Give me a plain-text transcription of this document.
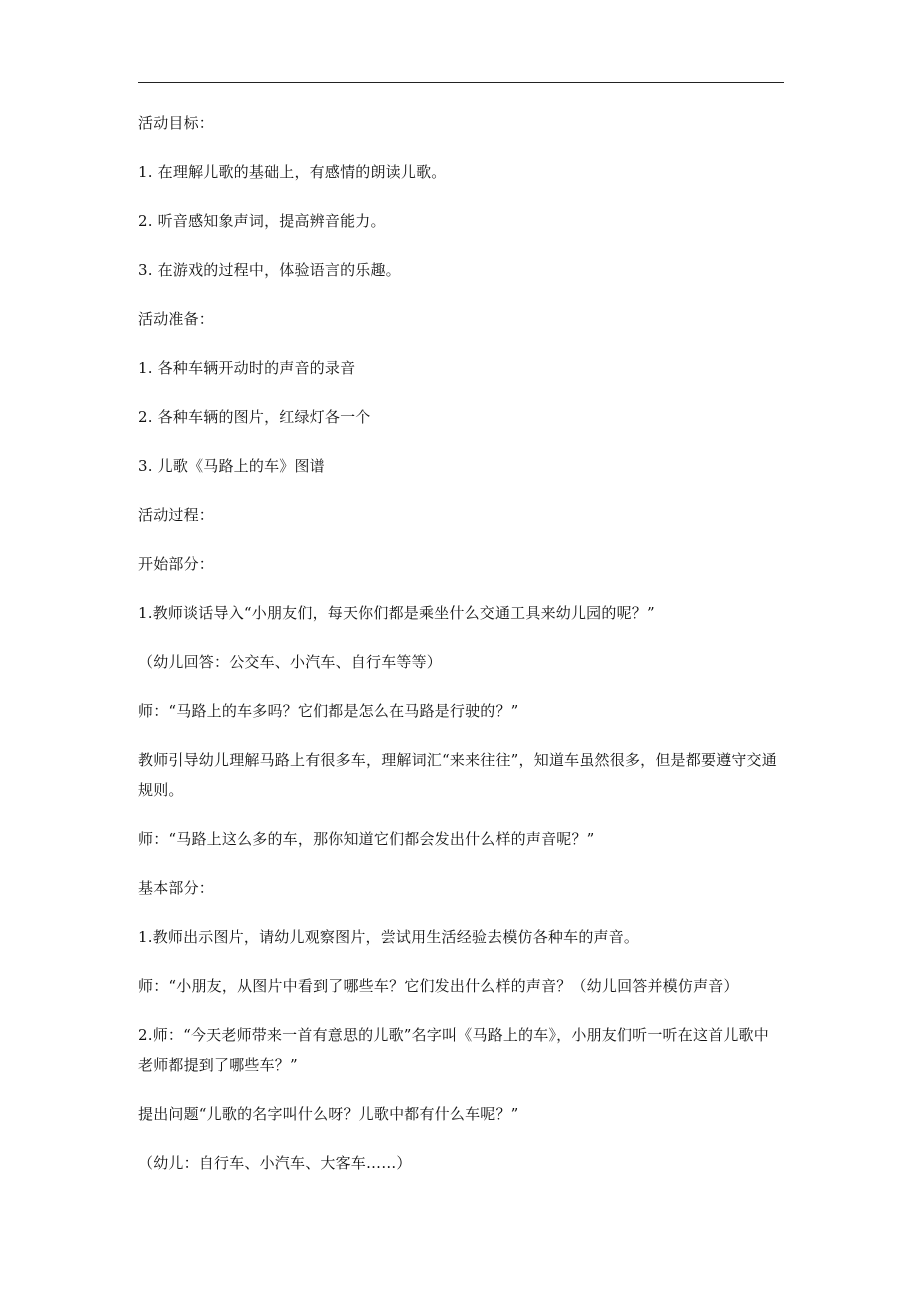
活动目标：

1. 在理解儿歌的基础上，有感情的朗读儿歌。

2. 听音感知象声词，提高辨音能力。

3. 在游戏的过程中，体验语言的乐趣。

活动准备：

1. 各种车辆开动时的声音的录音

2. 各种车辆的图片，红绿灯各一个

3. 儿歌《马路上的车》图谱

活动过程：

开始部分：

1.教师谈话导入“小朋友们，每天你们都是乘坐什么交通工具来幼儿园的呢？”

（幼儿回答：公交车、小汽车、自行车等等）

师：“马路上的车多吗？它们都是怎么在马路是行驶的？”

教师引导幼儿理解马路上有很多车，理解词汇“来来往往”，知道车虽然很多，但是都要遵守交通规则。

师：“马路上这么多的车，那你知道它们都会发出什么样的声音呢？”

基本部分：

1.教师出示图片，请幼儿观察图片，尝试用生活经验去模仿各种车的声音。

师：“小朋友，从图片中看到了哪些车？它们发出什么样的声音？（幼儿回答并模仿声音）

2.师：“今天老师带来一首有意思的儿歌”名字叫《马路上的车》，小朋友们听一听在这首儿歌中老师都提到了哪些车？”

提出问题“儿歌的名字叫什么呀？儿歌中都有什么车呢？”

（幼儿：自行车、小汽车、大客车……）
